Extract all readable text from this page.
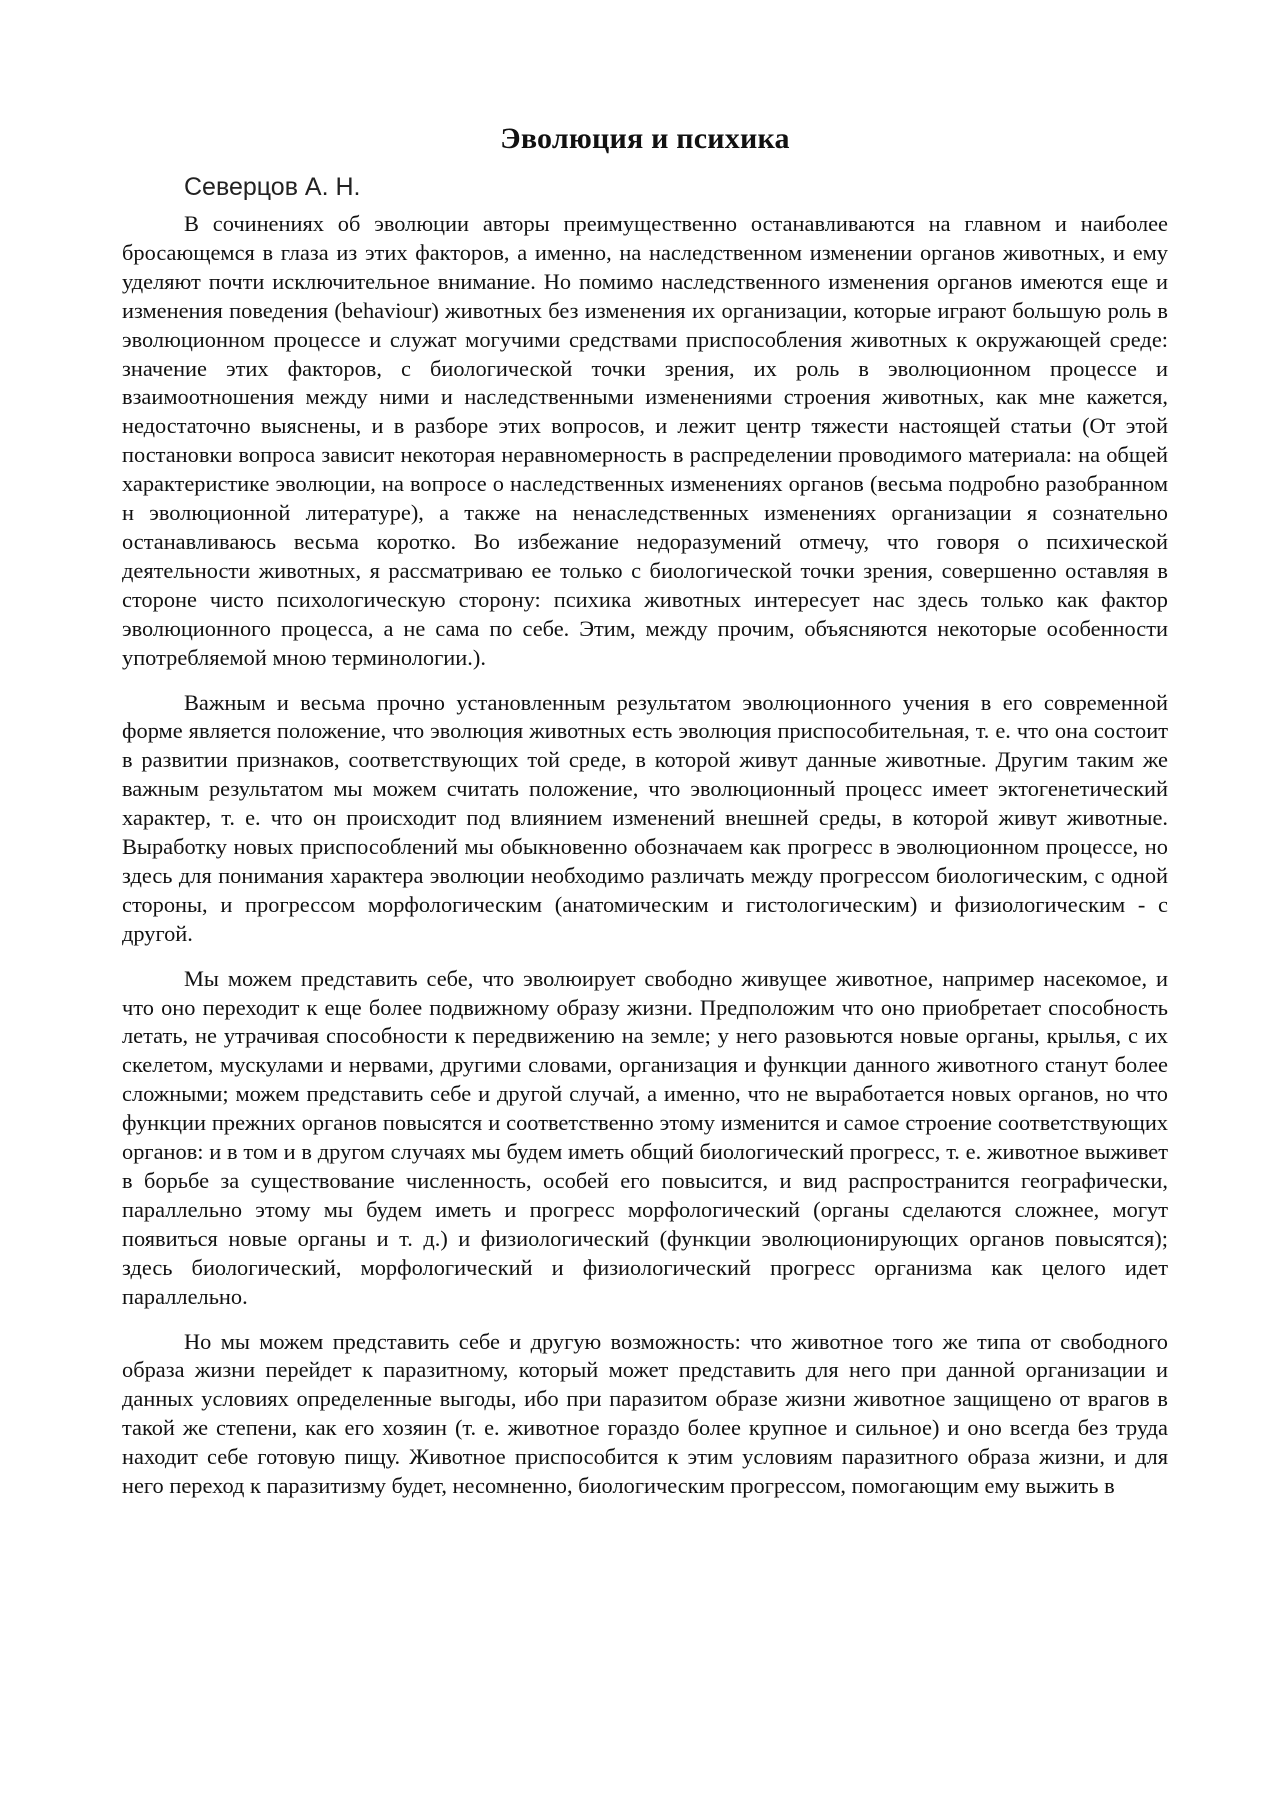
Эволюция и психика
Северцов А. Н.

В сочинениях об эволюции авторы преимущественно останавливаются на главном и наиболее бросающемся в глаза из этих факторов, а именно, на наследственном изменении органов животных, и ему уделяют почти исключительное внимание. Но помимо наследственного изменения органов имеются еще и изменения поведения (behaviour) животных без изменения их организации, которые играют большую роль в эволюционном процессе и служат могучими средствами приспособления животных к окружающей среде: значение этих факторов, с биологической точки зрения, их роль в эволюционном процессе и взаимоотношения между ними и наследственными изменениями строения животных, как мне кажется, недостаточно выяснены, и в разборе этих вопросов, и лежит центр тяжести настоящей статьи (От этой постановки вопроса зависит некоторая неравномерность в распределении проводимого материала: на общей характеристике эволюции, на вопросе о наследственных изменениях органов (весьма подробно разобранном н эволюционной литературе), а также на ненаследственных изменениях организации я сознательно останавливаюсь весьма коротко. Во избежание недоразумений отмечу, что говоря о психической деятельности животных, я рассматриваю ее только с биологической точки зрения, совершенно оставляя в стороне чисто психологическую сторону: психика животных интересует нас здесь только как фактор эволюционного процесса, а не сама по себе. Этим, между прочим, объясняются некоторые особенности употребляемой мною терминологии.).

Важным и весьма прочно установленным результатом эволюционного учения в его современной форме является положение, что эволюция животных есть эволюция приспособительная, т. е. что она состоит в развитии признаков, соответствующих той среде, в которой живут данные животные. Другим таким же важным результатом мы можем считать положение, что эволюционный процесс имеет эктогенетический характер, т. е. что он происходит под влиянием изменений внешней среды, в которой живут животные. Выработку новых приспособлений мы обыкновенно обозначаем как прогресс в эволюционном процессе, но здесь для понимания характера эволюции необходимо различать между прогрессом биологическим, с одной стороны, и прогрессом морфологическим (анатомическим и гистологическим) и физиологическим - с другой.

Мы можем представить себе, что эволюирует свободно живущее животное, например насекомое, и что оно переходит к еще более подвижному образу жизни. Предположим что оно приобретает способность летать, не утрачивая способности к передвижению на земле; у него разовьются новые органы, крылья, с их скелетом, мускулами и нервами, другими словами, организация и функции данного животного станут более сложными; можем представить себе и другой случай, а именно, что не выработается новых органов, но что функции прежних органов повысятся и соответственно этому изменится и самое строение соответствующих органов: и в том и в другом случаях мы будем иметь общий биологический прогресс, т. е. животное выживет в борьбе за существование численность, особей его повысится, и вид распространится географически, параллельно этому мы будем иметь и прогресс морфологический (органы сделаются сложнее, могут появиться новые органы и т. д.) и физиологический (функции эволюционирующих органов повысятся); здесь биологический, морфологический и физиологический прогресс организма как целого идет параллельно.

Но мы можем представить себе и другую возможность: что животное того же типа от свободного образа жизни перейдет к паразитному, который может представить для него при данной организации и данных условиях определенные выгоды, ибо при паразитом образе жизни животное защищено от врагов в такой же степени, как его хозяин (т. е. животное гораздо более крупное и сильное) и оно всегда без труда находит себе готовую пищу. Животное приспособится к этим условиям паразитного образа жизни, и для него переход к паразитизму будет, несомненно, биологическим прогрессом, помогающим ему выжить в
